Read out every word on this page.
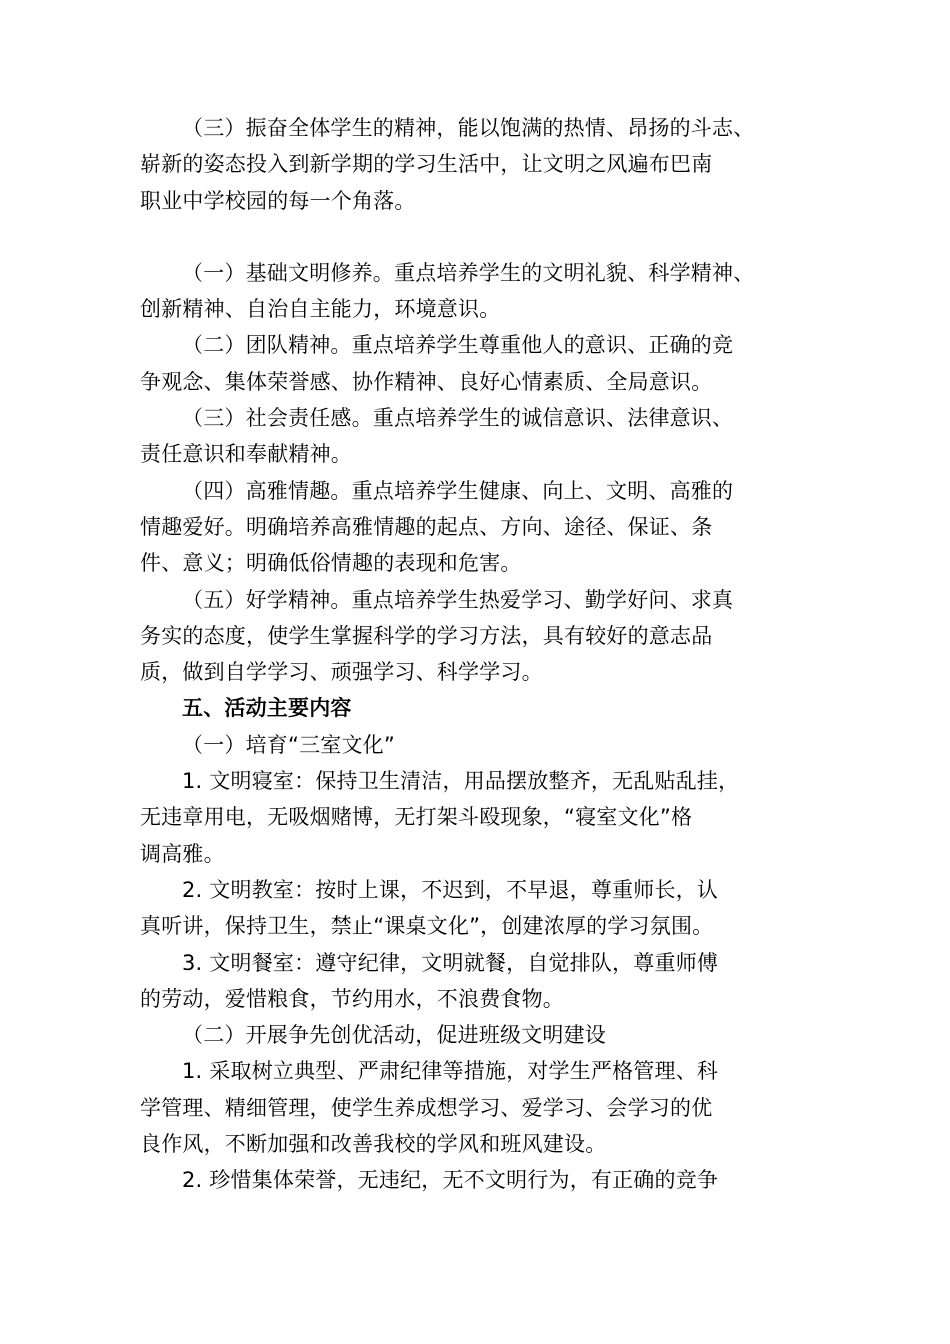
（三）振奋全体学生的精神，能以饱满的热情、昂扬的斗志、
崭新的姿态投入到新学期的学习生活中，让文明之风遍布巴南
职业中学校园的每一个角落。

（一）基础文明修养。重点培养学生的文明礼貌、科学精神、
创新精神、自治自主能力，环境意识。

（二）团队精神。重点培养学生尊重他人的意识、正确的竞
争观念、集体荣誉感、协作精神、良好心情素质、全局意识。

（三）社会责任感。重点培养学生的诚信意识、法律意识、
责任意识和奉献精神。

（四）高雅情趣。重点培养学生健康、向上、文明、高雅的
情趣爱好。明确培养高雅情趣的起点、方向、途径、保证、条
件、意义；明确低俗情趣的表现和危害。

（五）好学精神。重点培养学生热爱学习、勤学好问、求真
务实的态度，使学生掌握科学的学习方法，具有较好的意志品
质，做到自学学习、顽强学习、科学学习。

五、活动主要内容

（一）培育“三室文化”

1. 文明寝室：保持卫生清洁，用品摆放整齐，无乱贴乱挂，
无违章用电，无吸烟赌博，无打架斗殴现象，“寝室文化”格
调高雅。

2. 文明教室：按时上课，不迟到，不早退，尊重师长，认
真听讲，保持卫生，禁止“课桌文化”，创建浓厚的学习氛围。

3. 文明餐室：遵守纪律，文明就餐，自觉排队，尊重师傅
的劳动，爱惜粮食，节约用水，不浪费食物。

（二）开展争先创优活动，促进班级文明建设

1. 采取树立典型、严肃纪律等措施，对学生严格管理、科
学管理、精细管理，使学生养成想学习、爱学习、会学习的优
良作风，不断加强和改善我校的学风和班风建设。

2. 珍惜集体荣誉，无违纪，无不文明行为，有正确的竞争
